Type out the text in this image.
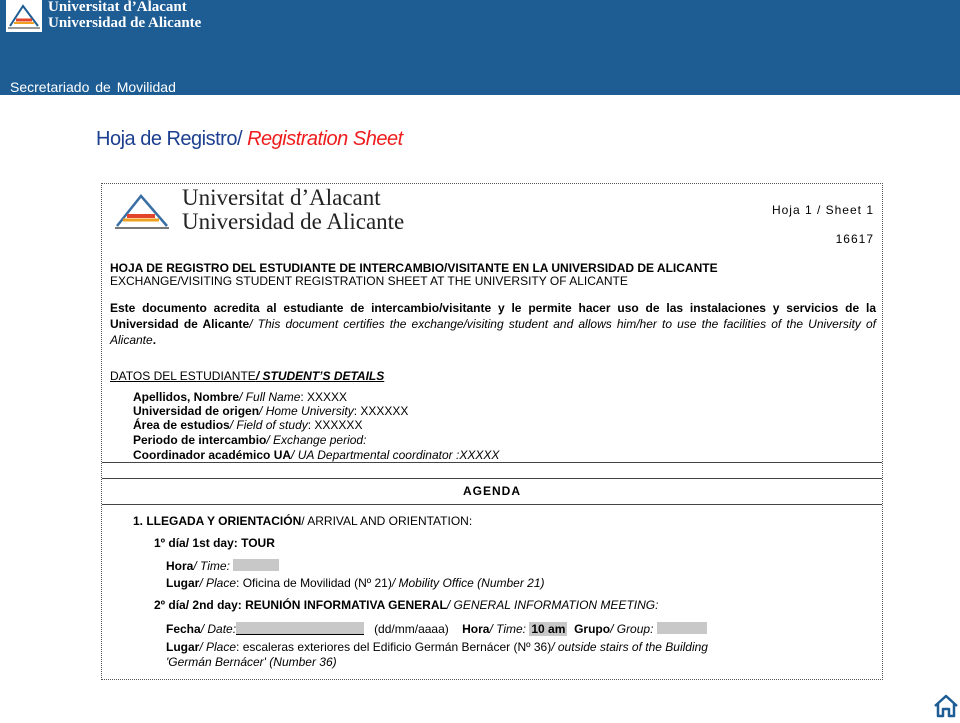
Universitat d’Alacant
Universidad de Alicante
Secretariado de Movilidad
Hoja de Registro/ Registration Sheet
Universitat d’Alacant
Universidad de Alicante	Hoja 1 / Sheet 1
16617
HOJA DE REGISTRO DEL ESTUDIANTE DE INTERCAMBIO/VISITANTE EN LA UNIVERSIDAD DE ALICANTE
EXCHANGE/VISITING STUDENT REGISTRATION SHEET AT THE UNIVERSITY OF ALICANTE
Este documento acredita al estudiante de intercambio/visitante y le permite hacer uso de las instalaciones y servicios de la Universidad de Alicante/ This document certifies the exchange/visiting student and allows him/her to use the facilities of the University of Alicante.
DATOS DEL ESTUDIANTE/ STUDENT’S DETAILS
Apellidos, Nombre/ Full Name: XXXXX
Universidad de origen/ Home University: XXXXXX
Área de estudios/ Field of study: XXXXXX
Periodo de intercambio/ Exchange period:
Coordinador académico UA/ UA Departmental coordinator :XXXXX
AGENDA
1. LLEGADA Y ORIENTACIÓN/ ARRIVAL AND ORIENTATION:
1º día/ 1st day: TOUR
Hora/ Time:
Lugar/ Place: Oficina de Movilidad (Nº 21)/ Mobility Office (Number 21)
2º día/ 2nd day: REUNIÓN INFORMATIVA GENERAL/ GENERAL INFORMATION MEETING:
Fecha/ Date:	(dd/mm/aaaa) Hora/ Time: 10 am Grupo/ Group:
Lugar/ Place: escaleras exteriores del Edificio Germán Bernácer (Nº 36)/ outside stairs of the Building
'Germán Bernácer' (Number 36)
